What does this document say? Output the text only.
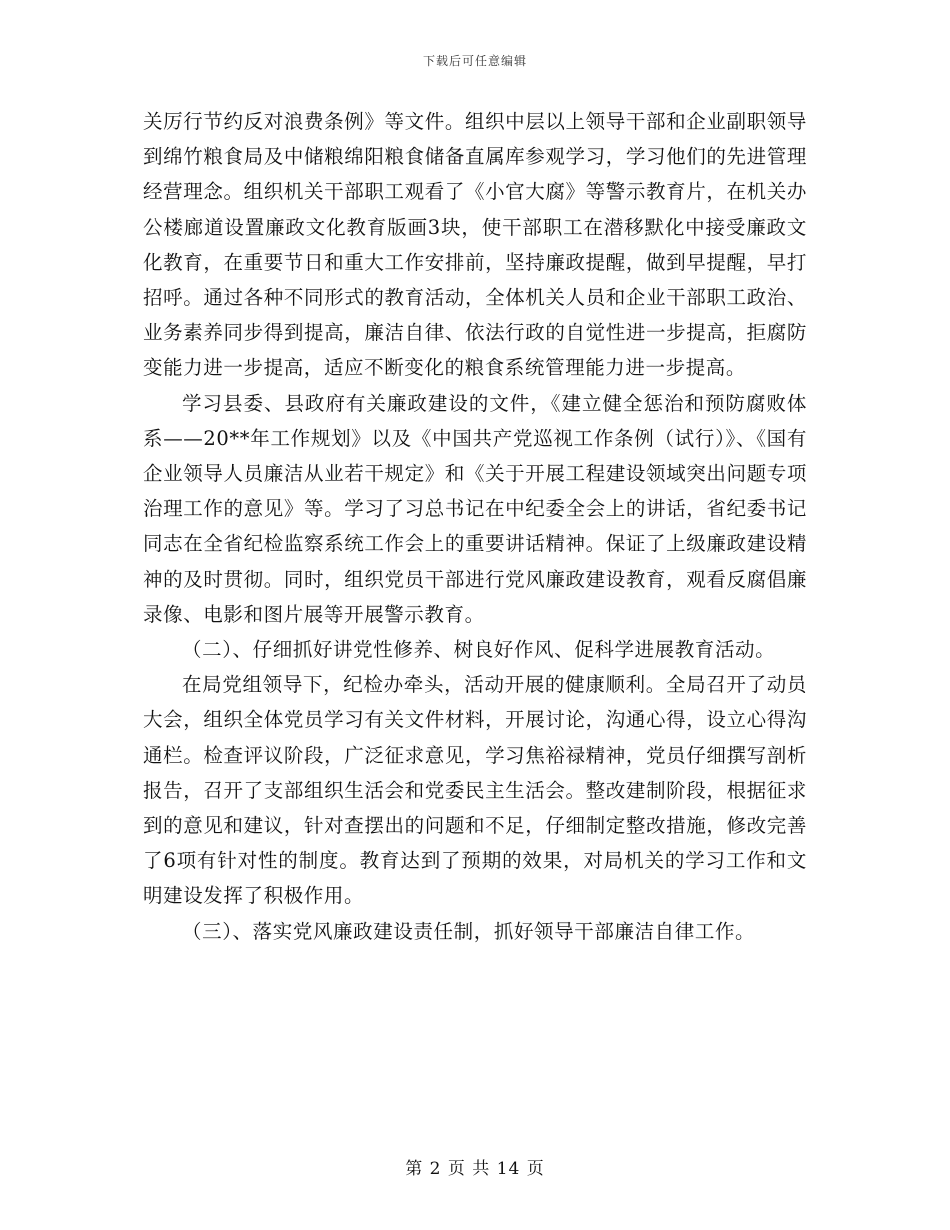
下载后可任意编辑

关厉行节约反对浪费条例》等文件。组织中层以上领导干部和企业副职领导到绵竹粮食局及中储粮绵阳粮食储备直属库参观学习，学习他们的先进管理经营理念。组织机关干部职工观看了《小官大腐》等警示教育片，在机关办公楼廊道设置廉政文化教育版画3块，使干部职工在潜移默化中接受廉政文化教育，在重要节日和重大工作安排前，坚持廉政提醒，做到早提醒，早打招呼。通过各种不同形式的教育活动，全体机关人员和企业干部职工政治、业务素养同步得到提高，廉洁自律、依法行政的自觉性进一步提高，拒腐防变能力进一步提高，适应不断变化的粮食系统管理能力进一步提高。

学习县委、县政府有关廉政建设的文件，《建立健全惩治和预防腐败体系——20**年工作规划》以及《中国共产党巡视工作条例（试行）》、《国有企业领导人员廉洁从业若干规定》和《关于开展工程建设领域突出问题专项治理工作的意见》等。学习了习总书记在中纪委全会上的讲话，省纪委书记同志在全省纪检监察系统工作会上的重要讲话精神。保证了上级廉政建设精神的及时贯彻。同时，组织党员干部进行党风廉政建设教育，观看反腐倡廉录像、电影和图片展等开展警示教育。

（二）、仔细抓好讲党性修养、树良好作风、促科学进展教育活动。

在局党组领导下，纪检办牵头，活动开展的健康顺利。全局召开了动员大会，组织全体党员学习有关文件材料，开展讨论，沟通心得，设立心得沟通栏。检查评议阶段，广泛征求意见，学习焦裕禄精神，党员仔细撰写剖析报告，召开了支部组织生活会和党委民主生活会。整改建制阶段，根据征求到的意见和建议，针对查摆出的问题和不足，仔细制定整改措施，修改完善了6项有针对性的制度。教育达到了预期的效果，对局机关的学习工作和文明建设发挥了积极作用。

（三）、落实党风廉政建设责任制，抓好领导干部廉洁自律工作。

第 2 页 共 14 页
